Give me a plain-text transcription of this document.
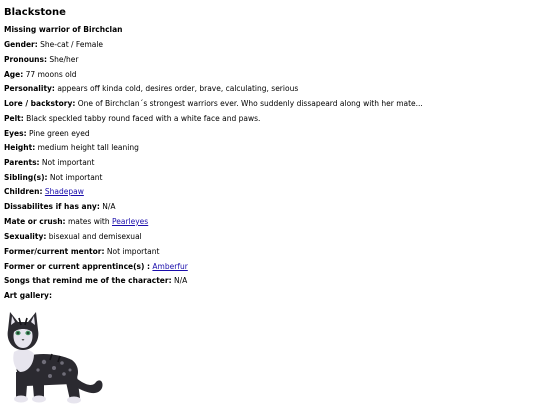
Blackstone
Missing warrior of Birchclan
Gender: She-cat / Female
Pronouns: She/her
Age: 77 moons old
Personality: appears off kinda cold, desires order, brave, calculating, serious
Lore / backstory: One of Birchclan´s strongest warriors ever. Who suddenly dissapeard along with her mate...
Pelt: Black speckled tabby round faced with a white face and paws.
Eyes: Pine green eyed
Height: medium height tall leaning
Parents: Not important
Sibling(s): Not important
Children: Shadepaw
Dissabilites if has any: N/A
Mate or crush: mates with Pearleyes
Sexuality: bisexual and demisexual
Former/current mentor: Not important
Former or current apprentince(s) : Amberfur
Songs that remind me of the character: N/A
Art gallery:
